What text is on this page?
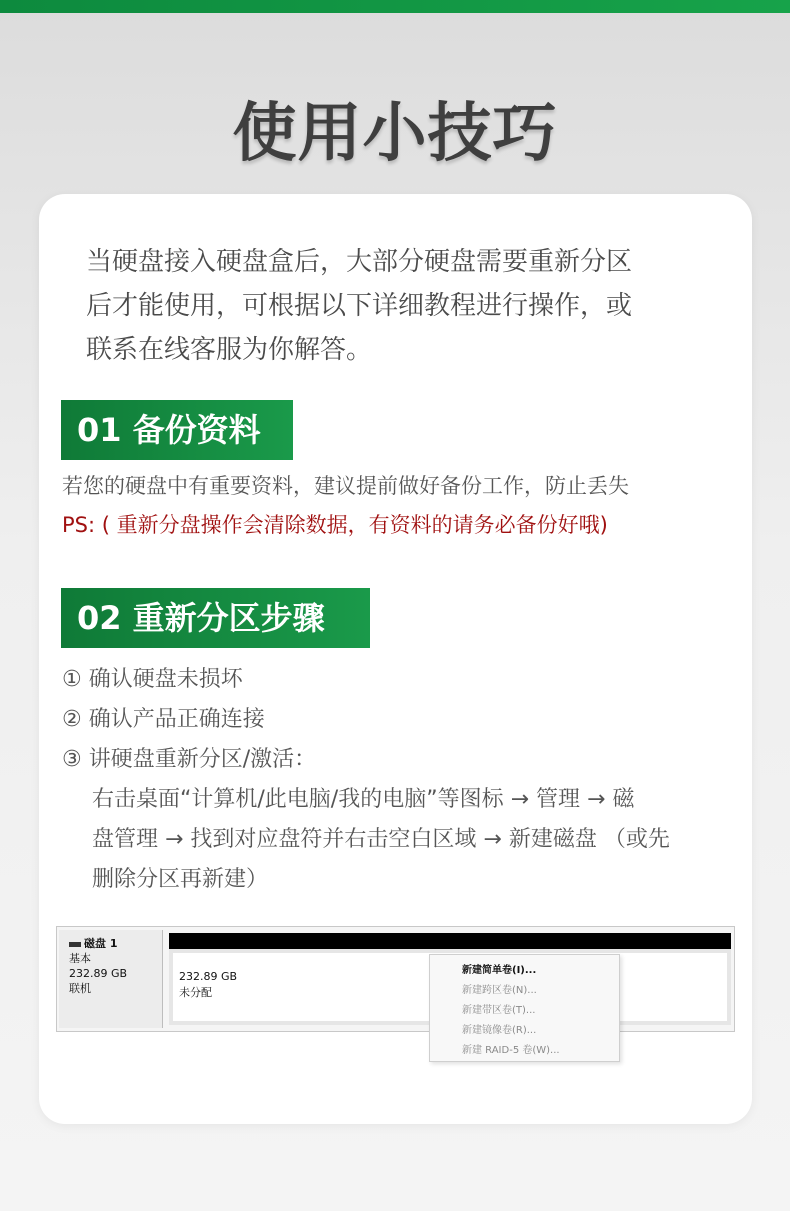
使用小技巧
当硬盘接入硬盘盒后，大部分硬盘需要重新分区
后才能使用，可根据以下详细教程进行操作，或
联系在线客服为你解答。
01 备份资料
若您的硬盘中有重要资料，建议提前做好备份工作，防止丢失
PS: ( 重新分盘操作会清除数据，有资料的请务必备份好哦)
02 重新分区步骤
① 确认硬盘未损坏
② 确认产品正确连接
③ 讲硬盘重新分区/激活：
右击桌面“计算机/此电脑/我的电脑”等图标 → 管理 → 磁
盘管理 → 找到对应盘符并右击空白区域 → 新建磁盘 （或先
删除分区再新建）
磁盘 1
基本
232.89 GB
联机
232.89 GB
未分配
新建简单卷(I)...
新建跨区卷(N)...
新建带区卷(T)...
新建镜像卷(R)...
新建 RAID-5 卷(W)...
